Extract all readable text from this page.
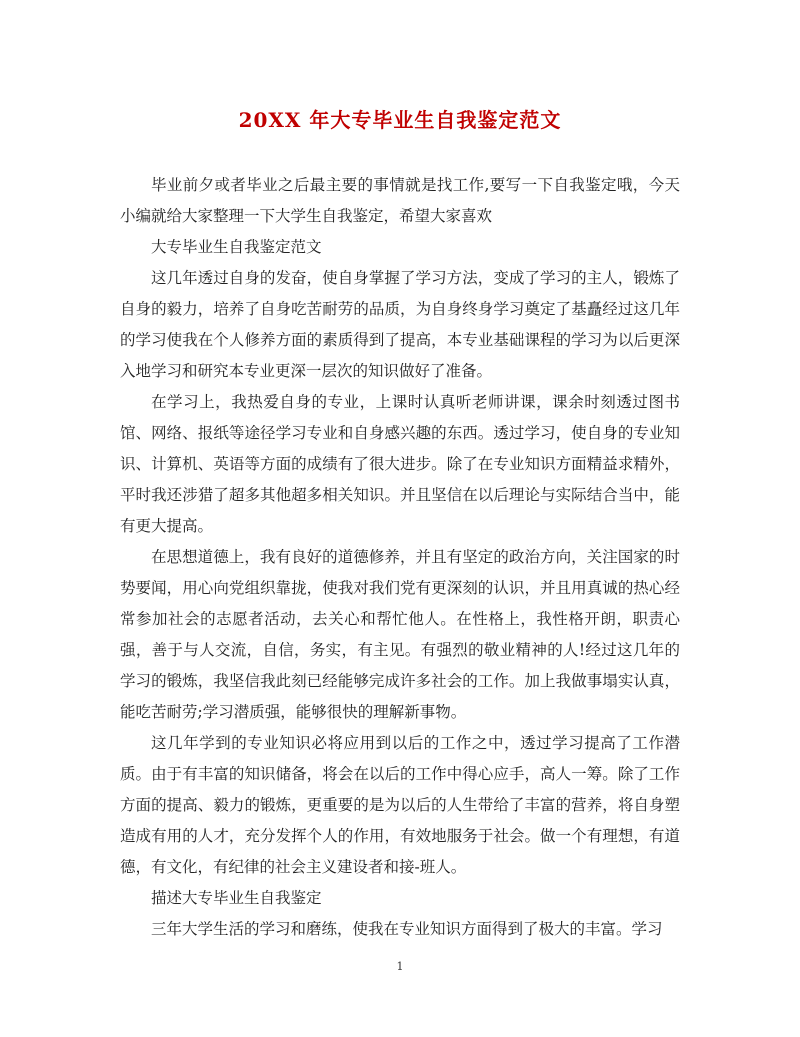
20XX 年大专毕业生自我鉴定范文

毕业前夕或者毕业之后最主要的事情就是找工作,要写一下自我鉴定哦，今天小编就给大家整理一下大学生自我鉴定，希望大家喜欢

大专毕业生自我鉴定范文

这几年透过自身的发奋，使自身掌握了学习方法，变成了学习的主人，锻炼了自身的毅力，培养了自身吃苦耐劳的品质，为自身终身学习奠定了基矗经过这几年的学习使我在个人修养方面的素质得到了提高，本专业基础课程的学习为以后更深入地学习和研究本专业更深一层次的知识做好了准备。

在学习上，我热爱自身的专业，上课时认真听老师讲课，课余时刻透过图书馆、网络、报纸等途径学习专业和自身感兴趣的东西。透过学习，使自身的专业知识、计算机、英语等方面的成绩有了很大进步。除了在专业知识方面精益求精外，平时我还涉猎了超多其他超多相关知识。并且坚信在以后理论与实际结合当中，能有更大提高。

在思想道德上，我有良好的道德修养，并且有坚定的政治方向，关注国家的时势要闻，用心向党组织靠拢，使我对我们党有更深刻的认识，并且用真诚的热心经常参加社会的志愿者活动，去关心和帮忙他人。在性格上，我性格开朗，职责心强，善于与人交流，自信，务实，有主见。有强烈的敬业精神的人!经过这几年的学习的锻炼，我坚信我此刻已经能够完成许多社会的工作。加上我做事塌实认真，能吃苦耐劳;学习潜质强，能够很快的理解新事物。

这几年学到的专业知识必将应用到以后的工作之中，透过学习提高了工作潜质。由于有丰富的知识储备，将会在以后的工作中得心应手，高人一筹。除了工作方面的提高、毅力的锻炼，更重要的是为以后的人生带给了丰富的营养，将自身塑造成有用的人才，充分发挥个人的作用，有效地服务于社会。做一个有理想，有道德，有文化，有纪律的社会主义建设者和接-班人。

描述大专毕业生自我鉴定

三年大学生活的学习和磨练，使我在专业知识方面得到了极大的丰富。学习

1
